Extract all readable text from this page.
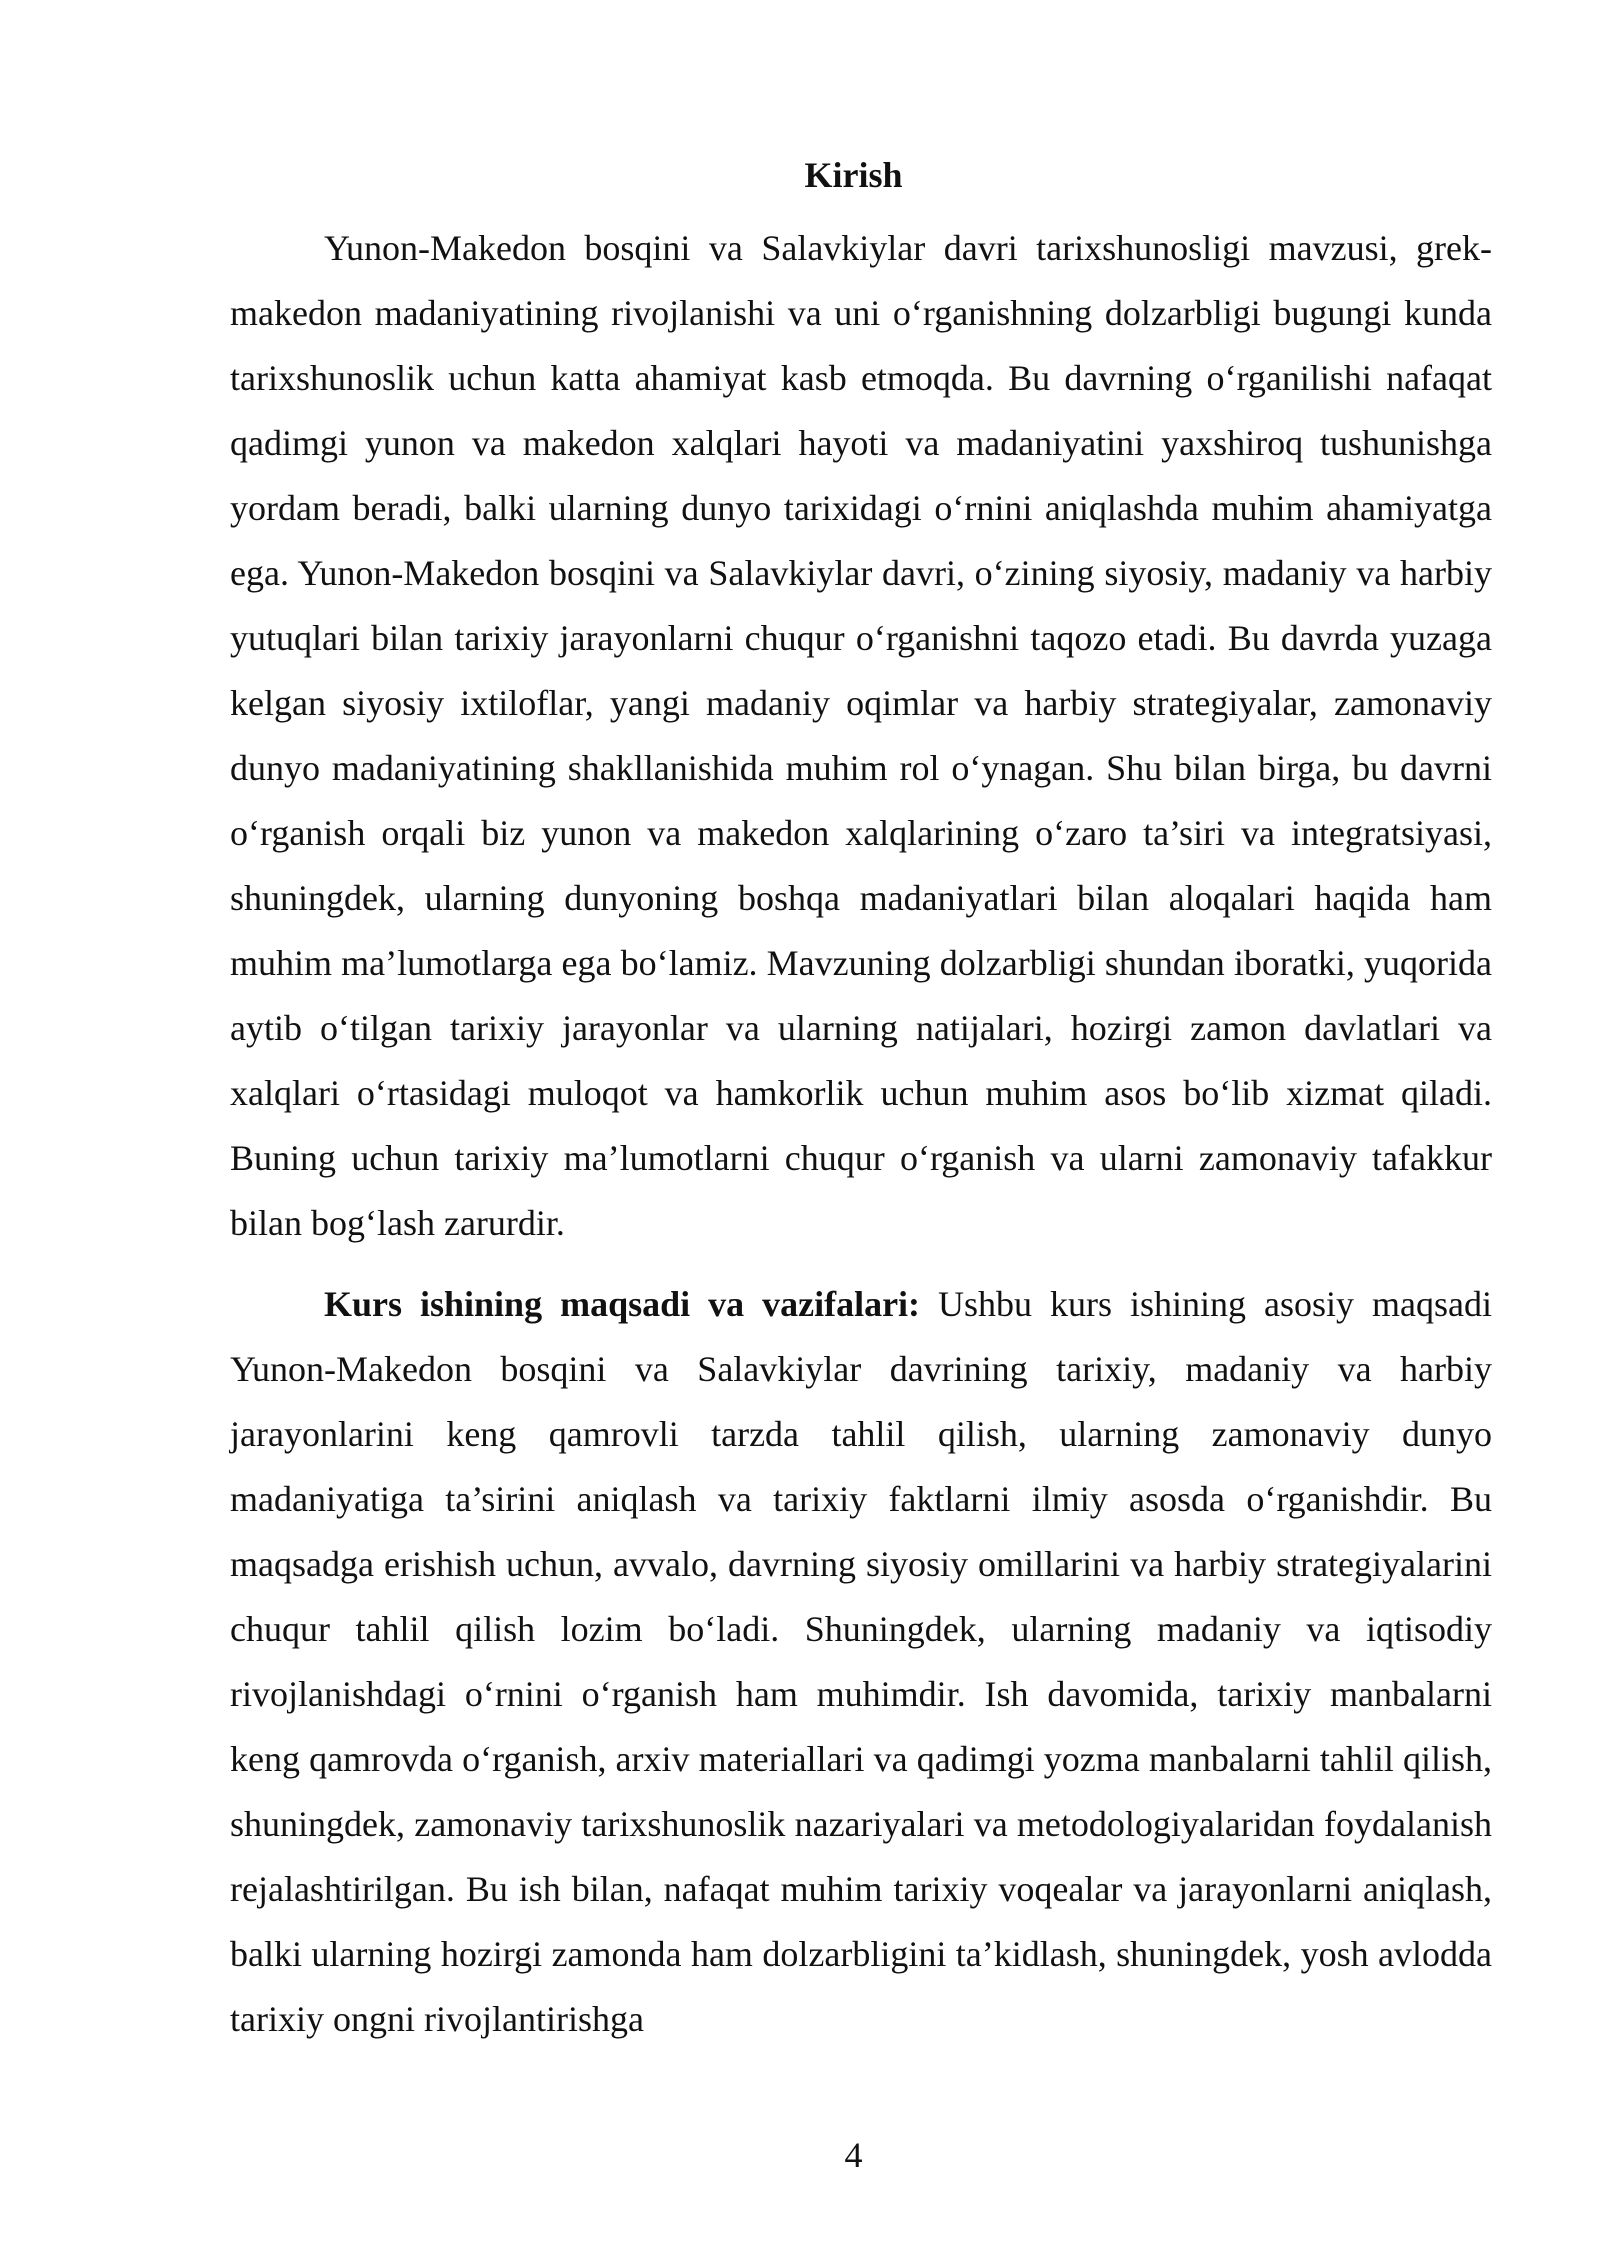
Kirish

Yunon-Makedon bosqini va Salavkiylar davri tarixshunosligi mavzusi, grek-makedon madaniyatining rivojlanishi va uni o‘rganishning dolzarbligi bugungi kunda tarixshunoslik uchun katta ahamiyat kasb etmoqda. Bu davrning o‘rganilishi nafaqat qadimgi yunon va makedon xalqlari hayoti va madaniyatini yaxshiroq tushunishga yordam beradi, balki ularning dunyo tarixidagi o‘rnini aniqlashda muhim ahamiyatga ega. Yunon-Makedon bosqini va Salavkiylar davri, o‘zining siyosiy, madaniy va harbiy yutuqlari bilan tarixiy jarayonlarni chuqur o‘rganishni taqozo etadi. Bu davrda yuzaga kelgan siyosiy ixtiloflar, yangi madaniy oqimlar va harbiy strategiyalar, zamonaviy dunyo madaniyatining shakllanishida muhim rol o‘ynagan. Shu bilan birga, bu davrni o‘rganish orqali biz yunon va makedon xalqlarining o‘zaro ta’siri va integratsiyasi, shuningdek, ularning dunyoning boshqa madaniyatlari bilan aloqalari haqida ham muhim ma’lumotlarga ega bo‘lamiz. Mavzuning dolzarbligi shundan iboratki, yuqorida aytib o‘tilgan tarixiy jarayonlar va ularning natijalari, hozirgi zamon davlatlari va xalqlari o‘rtasidagi muloqot va hamkorlik uchun muhim asos bo‘lib xizmat qiladi. Buning uchun tarixiy ma’lumotlarni chuqur o‘rganish va ularni zamonaviy tafakkur bilan bog‘lash zarurdir.

Kurs ishining maqsadi va vazifalari: Ushbu kurs ishining asosiy maqsadi Yunon-Makedon bosqini va Salavkiylar davrining tarixiy, madaniy va harbiy jarayonlarini keng qamrovli tarzda tahlil qilish, ularning zamonaviy dunyo madaniyatiga ta’sirini aniqlash va tarixiy faktlarni ilmiy asosda o‘rganishdir. Bu maqsadga erishish uchun, avvalo, davrning siyosiy omillarini va harbiy strategiyalarini chuqur tahlil qilish lozim bo‘ladi. Shuningdek, ularning madaniy va iqtisodiy rivojlanishdagi o‘rnini o‘rganish ham muhimdir. Ish davomida, tarixiy manbalarni keng qamrovda o‘rganish, arxiv materiallari va qadimgi yozma manbalarni tahlil qilish, shuningdek, zamonaviy tarixshunoslik nazariyalari va metodologiyalaridan foydalanish rejalashtirilgan. Bu ish bilan, nafaqat muhim tarixiy voqealar va jarayonlarni aniqlash, balki ularning hozirgi zamonda ham dolzarbligini ta’kidlash, shuningdek, yosh avlodda tarixiy ongni rivojlantirishga

4
